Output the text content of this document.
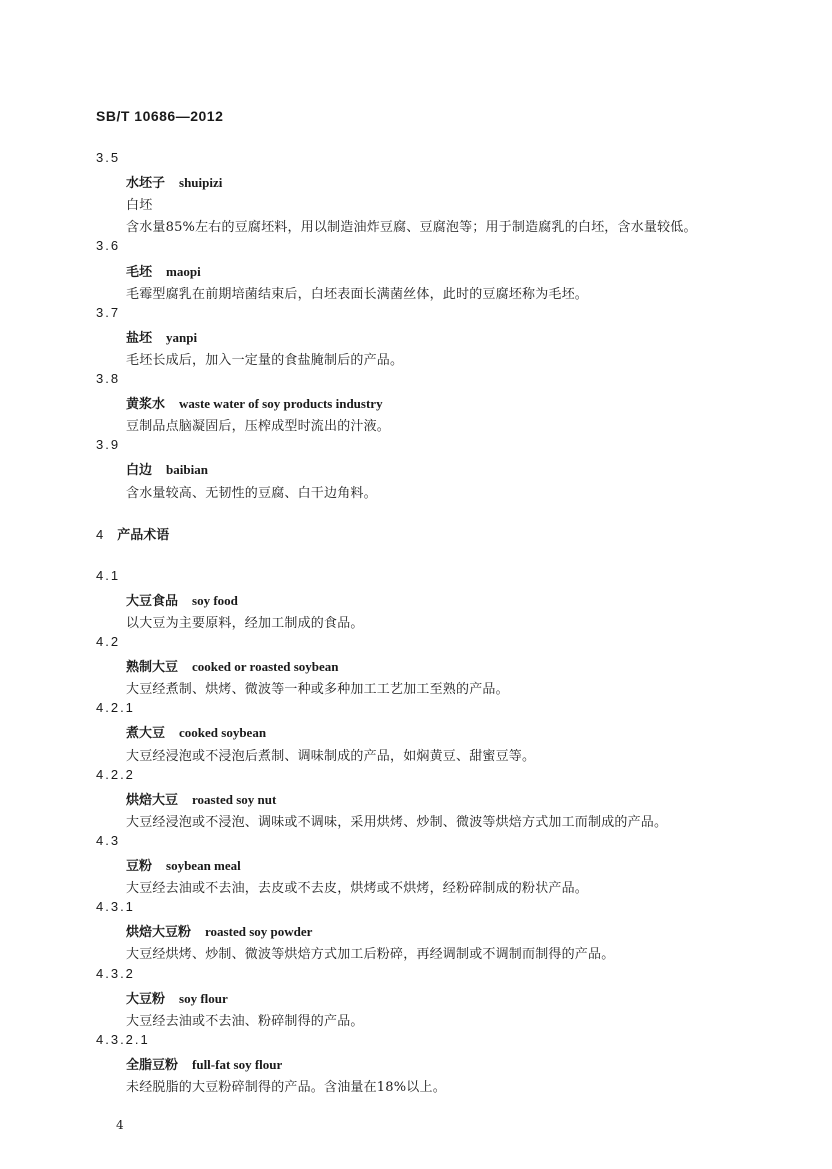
SB/T 10686—2012
3.5
水坯子 shuipizi
白坯
含水量85%左右的豆腐坯料，用以制造油炸豆腐、豆腐泡等；用于制造腐乳的白坯，含水量较低。
3.6
毛坯 maopi
毛霉型腐乳在前期培菌结束后，白坯表面长满菌丝体，此时的豆腐坯称为毛坯。
3.7
盐坯 yanpi
毛坯长成后，加入一定量的食盐腌制后的产品。
3.8
黄浆水 waste water of soy products industry
豆制品点脑凝固后，压榨成型时流出的汁液。
3.9
白边 baibian
含水量较高、无韧性的豆腐、白干边角料。
4 产品术语
4.1
大豆食品 soy food
以大豆为主要原料，经加工制成的食品。
4.2
熟制大豆 cooked or roasted soybean
大豆经煮制、烘烤、微波等一种或多种加工工艺加工至熟的产品。
4.2.1
煮大豆 cooked soybean
大豆经浸泡或不浸泡后煮制、调味制成的产品，如焖黄豆、甜蜜豆等。
4.2.2
烘焙大豆 roasted soy nut
大豆经浸泡或不浸泡、调味或不调味，采用烘烤、炒制、微波等烘焙方式加工而制成的产品。
4.3
豆粉 soybean meal
大豆经去油或不去油，去皮或不去皮，烘烤或不烘烤，经粉碎制成的粉状产品。
4.3.1
烘焙大豆粉 roasted soy powder
大豆经烘烤、炒制、微波等烘焙方式加工后粉碎，再经调制或不调制而制得的产品。
4.3.2
大豆粉 soy flour
大豆经去油或不去油、粉碎制得的产品。
4.3.2.1
全脂豆粉 full-fat soy flour
未经脱脂的大豆粉碎制得的产品。含油量在18%以上。
4
